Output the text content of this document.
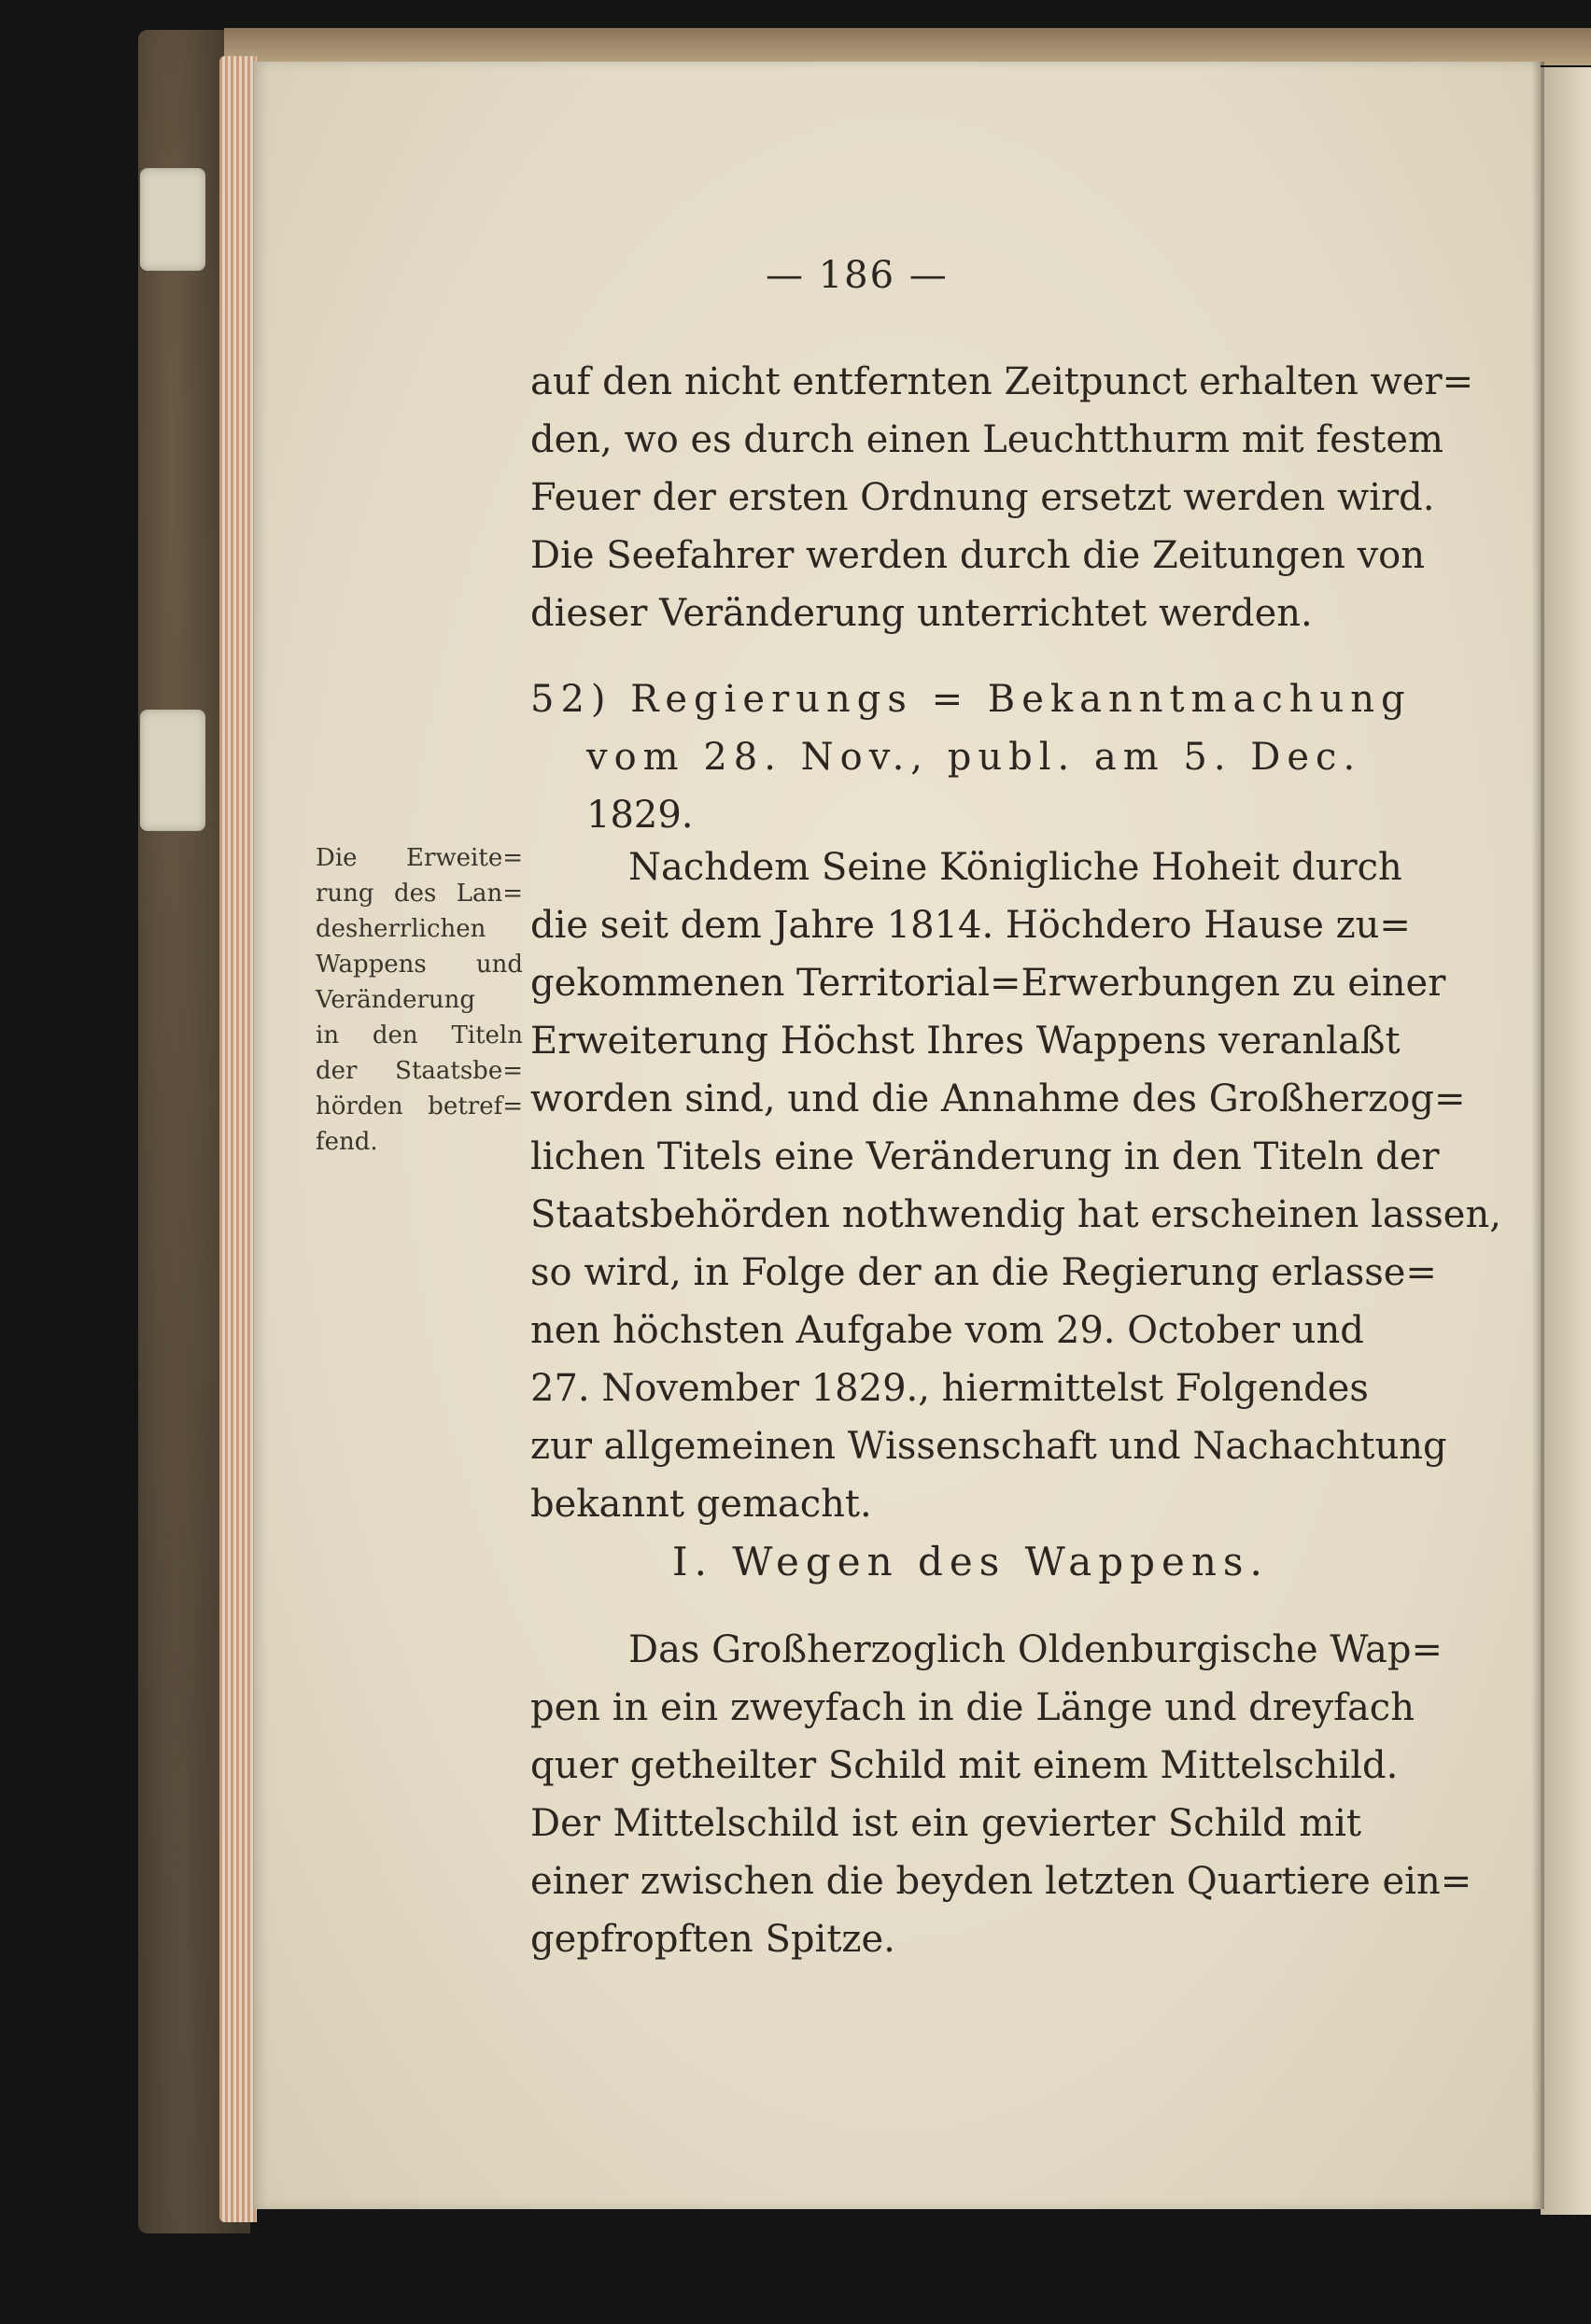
— 186 —
auf den nicht entfernten Zeitpunct erhalten wer=
den, wo es durch einen Leuchtthurm mit festem
Feuer der ersten Ordnung ersetzt werden wird.
Die Seefahrer werden durch die Zeitungen von
dieser Veränderung unterrichtet werden.
52) Regierungs = Bekanntmachung
vom 28. Nov., publ. am 5. Dec.
1829.
Die Erweite=
rung des Lan=
desherrlichen
Wappens und
Veränderung
in den Titeln
der Staatsbe=
hörden betref=
fend.
Nachdem Seine Königliche Hoheit durch
die seit dem Jahre 1814. Höchdero Hause zu=
gekommenen Territorial=Erwerbungen zu einer
Erweiterung Höchst Ihres Wappens veranlaßt
worden sind, und die Annahme des Großherzog=
lichen Titels eine Veränderung in den Titeln der
Staatsbehörden nothwendig hat erscheinen lassen,
so wird, in Folge der an die Regierung erlasse=
nen höchsten Aufgabe vom 29. October und
27. November 1829., hiermittelst Folgendes
zur allgemeinen Wissenschaft und Nachachtung
bekannt gemacht.
I. Wegen des Wappens.
Das Großherzoglich Oldenburgische Wap=
pen in ein zweyfach in die Länge und dreyfach
quer getheilter Schild mit einem Mittelschild.
Der Mittelschild ist ein gevierter Schild mit
einer zwischen die beyden letzten Quartiere ein=
gepfropften Spitze.
